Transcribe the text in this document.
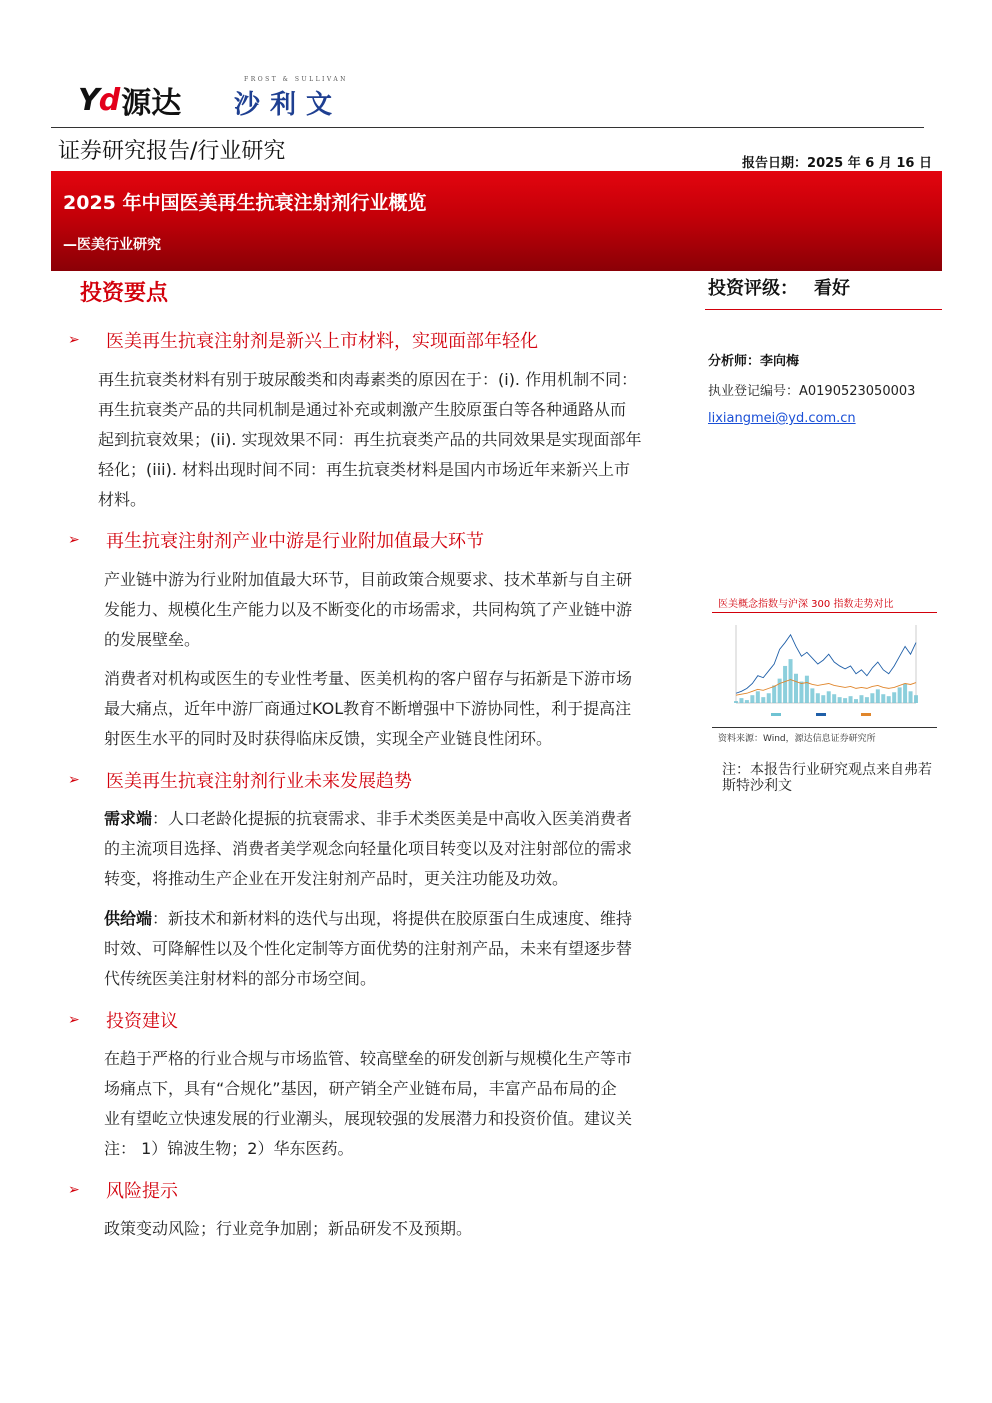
Yd 源达
FROST & SULLIVAN
沙利文
证券研究报告/行业研究	报告日期：2025 年 6 月 16 日
2025 年中国医美再生抗衰注射剂行业概览
—医美行业研究
投资要点
➢	医美再生抗衰注射剂是新兴上市材料，实现面部年轻化
再生抗衰类材料有别于玻尿酸类和肉毒素类的原因在于：(i). 作用机制不同：
再生抗衰类产品的共同机制是通过补充或刺激产生胶原蛋白等各种通路从而
起到抗衰效果；(ii). 实现效果不同：再生抗衰类产品的共同效果是实现面部年
轻化；(iii). 材料出现时间不同：再生抗衰类材料是国内市场近年来新兴上市
材料。
➢	再生抗衰注射剂产业中游是行业附加值最大环节
产业链中游为行业附加值最大环节，目前政策合规要求、技术革新与自主研
发能力、规模化生产能力以及不断变化的市场需求，共同构筑了产业链中游
的发展壁垒。
消费者对机构或医生的专业性考量、医美机构的客户留存与拓新是下游市场
最大痛点，近年中游厂商通过KOL教育不断增强中下游协同性，利于提高注
射医生水平的同时及时获得临床反馈，实现全产业链良性闭环。
➢	医美再生抗衰注射剂行业未来发展趋势
需求端：人口老龄化提振的抗衰需求、非手术类医美是中高收入医美消费者
的主流项目选择、消费者美学观念向轻量化项目转变以及对注射部位的需求
转变，将推动生产企业在开发注射剂产品时，更关注功能及功效。
供给端：新技术和新材料的迭代与出现，将提供在胶原蛋白生成速度、维持
时效、可降解性以及个性化定制等方面优势的注射剂产品，未来有望逐步替
代传统医美注射材料的部分市场空间。
➢	投资建议
在趋于严格的行业合规与市场监管、较高壁垒的研发创新与规模化生产等市
场痛点下，具有“合规化”基因，研产销全产业链布局，丰富产品布局的企
业有望屹立快速发展的行业潮头，展现较强的发展潜力和投资价值。建议关
注： 1）锦波生物；2）华东医药。
➢	风险提示
政策变动风险；行业竞争加剧；新品研发不及预期。
投资评级： 看好
分析师：李向梅
执业登记编号：A0190523050003
lixiangmei@yd.com.cn
医美概念指数与沪深 300 指数走势对比
资料来源：Wind，源达信息证券研究所
注：本报告行业研究观点来自弗若斯特沙利文
